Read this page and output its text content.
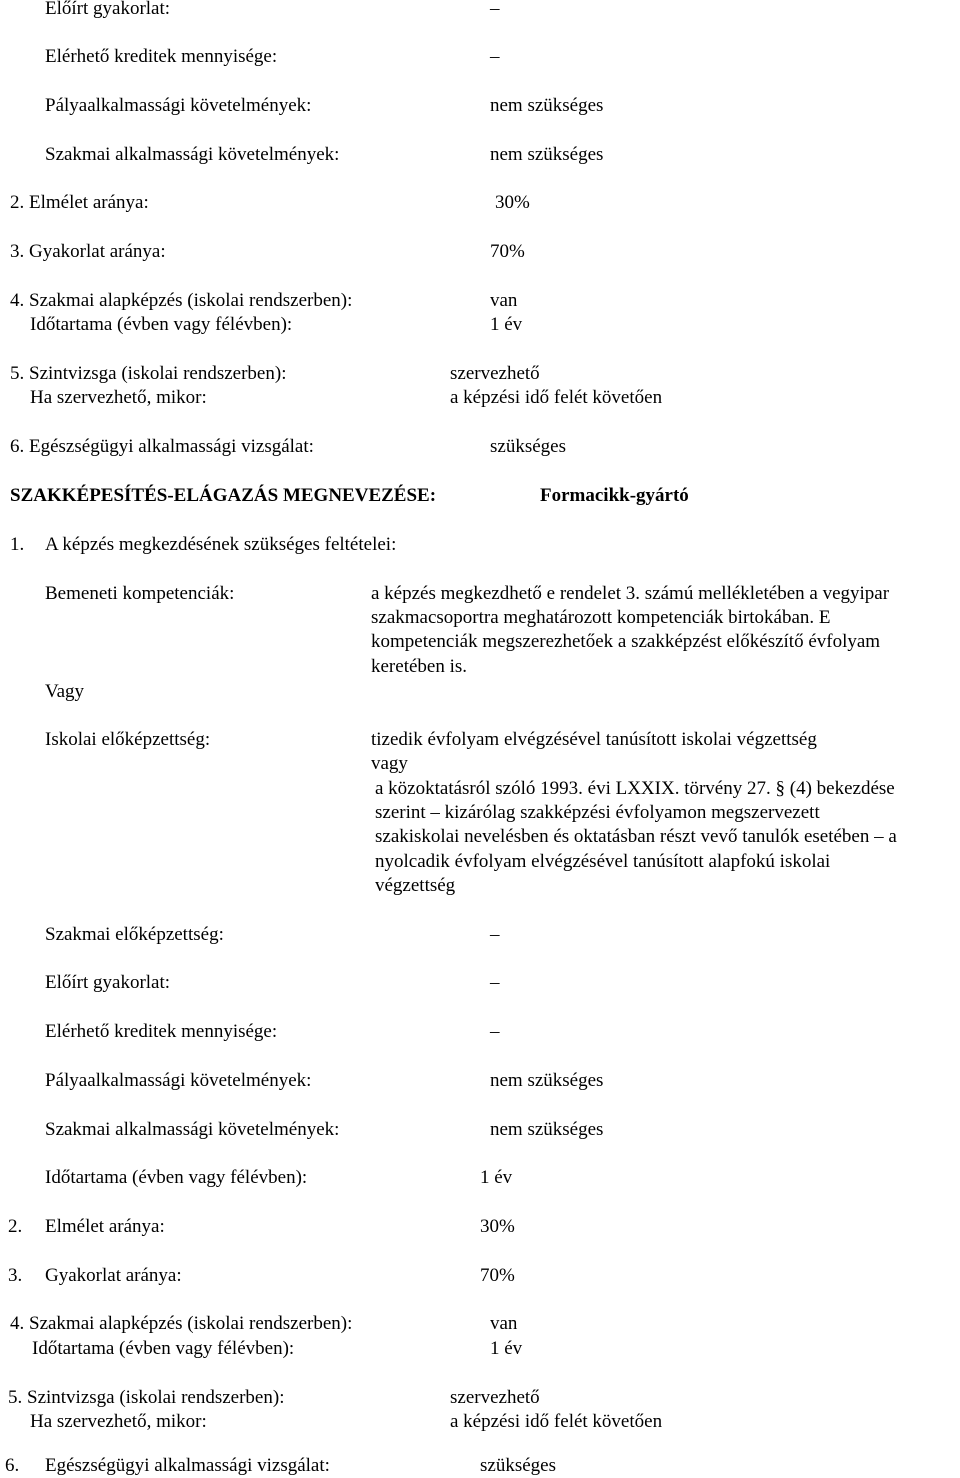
Előírt gyakorlat:	–
Elérhető kreditek mennyisége:	–
Pályaalkalmassági követelmények:	nem szükséges
Szakmai alkalmassági követelmények:	nem szükséges
2. Elmélet aránya:	30%
3. Gyakorlat aránya:	70%
4. Szakmai alapképzés (iskolai rendszerben):	van
Időtartama (évben vagy félévben):	1 év
5. Szintvizsga (iskolai rendszerben):	szervezhető
Ha szervezhető, mikor:	a képzési idő felét követően
6. Egészségügyi alkalmassági vizsgálat:	szükséges
SZAKKÉPESÍTÉS-ELÁGAZÁS MEGNEVEZÉSE:	Formacikk-gyártó
1. A képzés megkezdésének szükséges feltételei:
Bemeneti kompetenciák:	a képzés megkezdhető e rendelet 3. számú mellékletében a vegyipar
szakmacsoportra meghatározott kompetenciák birtokában. E
kompetenciák megszerezhetőek a szakképzést előkészítő évfolyam
keretében is.
Vagy
Iskolai előképzettség:	tizedik évfolyam elvégzésével tanúsított iskolai végzettség
vagy
a közoktatásról szóló 1993. évi LXXIX. törvény 27. § (4) bekezdése
szerint – kizárólag szakképzési évfolyamon megszervezett
szakiskolai nevelésben és oktatásban részt vevő tanulók esetében – a
nyolcadik évfolyam elvégzésével tanúsított alapfokú iskolai
végzettség
Szakmai előképzettség:	–
Előírt gyakorlat:	–
Elérhető kreditek mennyisége:	–
Pályaalkalmassági követelmények:	nem szükséges
Szakmai alkalmassági követelmények:	nem szükséges
Időtartama (évben vagy félévben):	1 év
2. Elmélet aránya:	30%
3. Gyakorlat aránya:	70%
4. Szakmai alapképzés (iskolai rendszerben):	van
Időtartama (évben vagy félévben):	1 év
5. Szintvizsga (iskolai rendszerben):	szervezhető
Ha szervezhető, mikor:	a képzési idő felét követően
6. Egészségügyi alkalmassági vizsgálat:	szükséges
